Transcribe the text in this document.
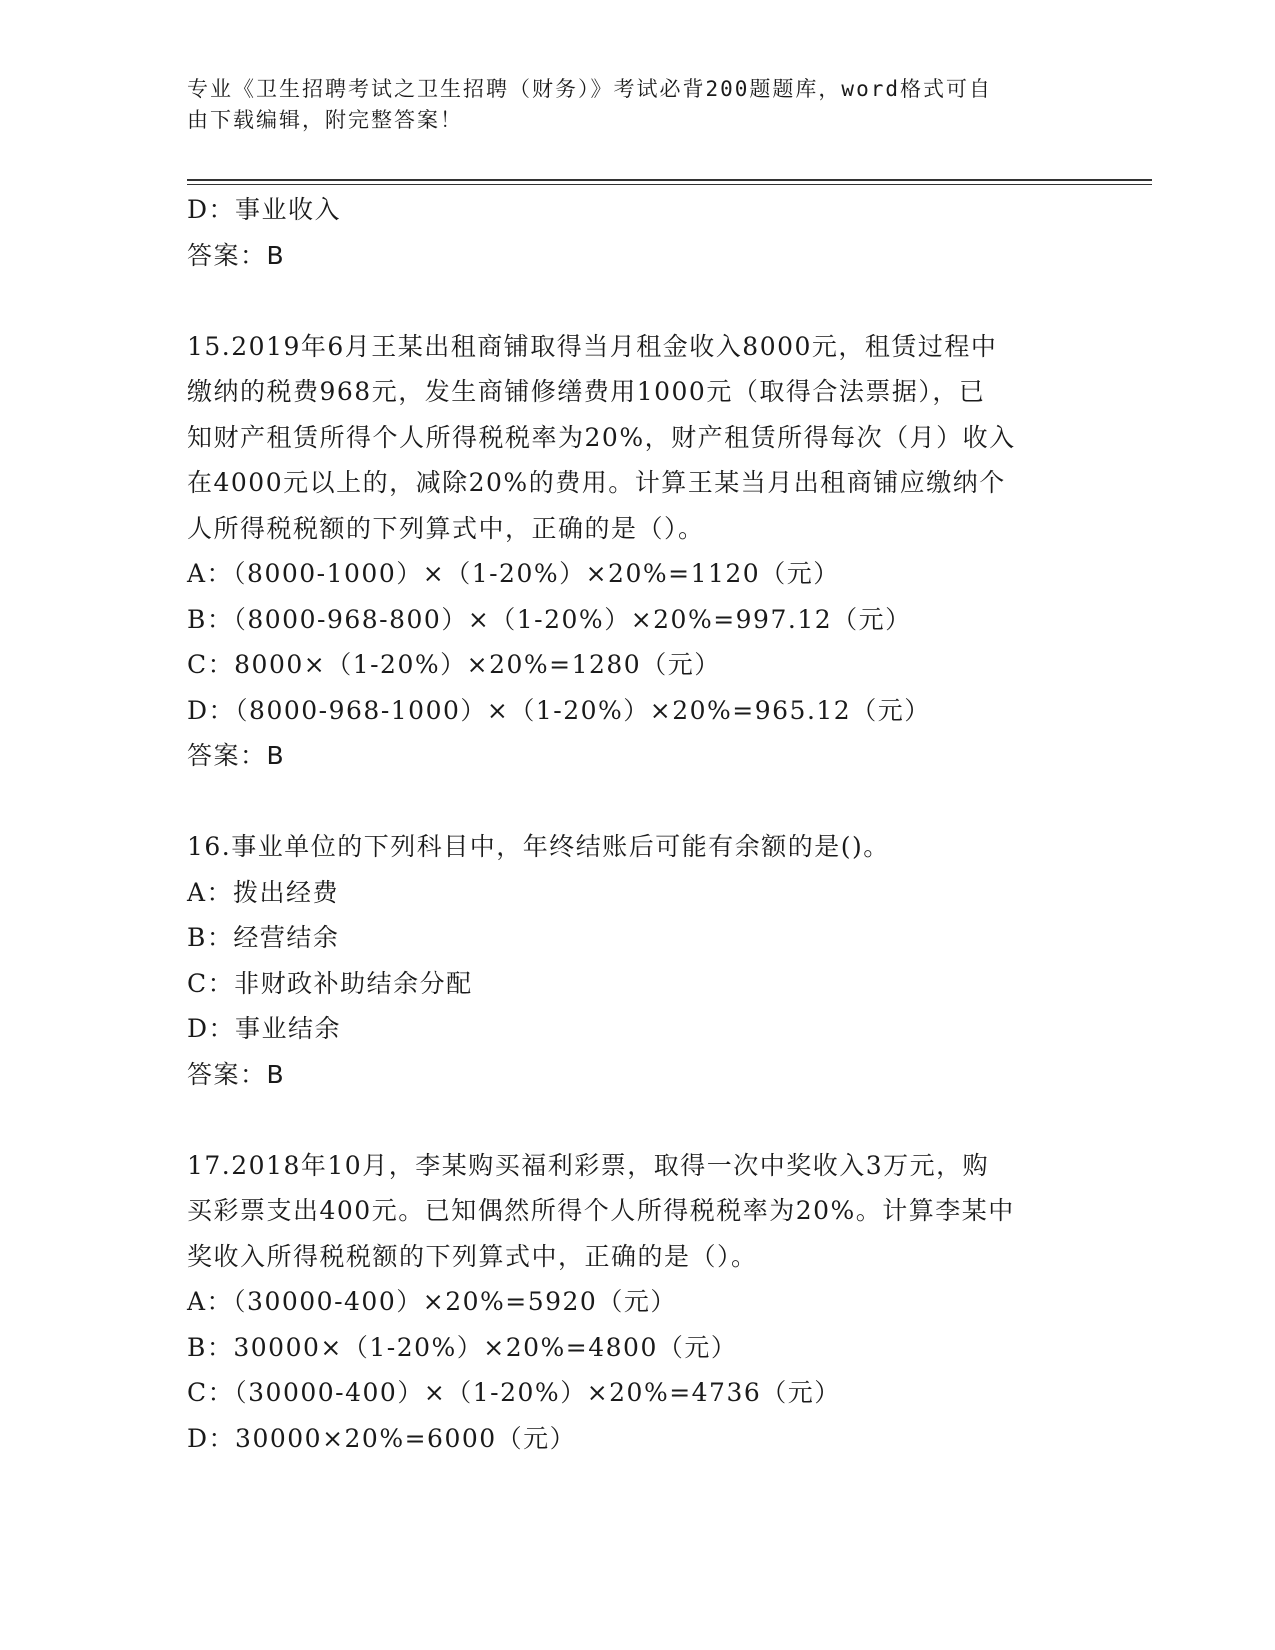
专业《卫生招聘考试之卫生招聘（财务）》考试必背200题题库，word格式可自
由下载编辑，附完整答案！
D：事业收入
答案：B
15.2019年6月王某出租商铺取得当月租金收入8000元，租赁过程中
缴纳的税费968元，发生商铺修缮费用1000元（取得合法票据），已
知财产租赁所得个人所得税税率为20%，财产租赁所得每次（月）收入
在4000元以上的，减除20%的费用。计算王某当月出租商铺应缴纳个
人所得税税额的下列算式中，正确的是（）。
A：（8000-1000）×（1-20%）×20%=1120（元）
B：（8000-968-800）×（1-20%）×20%=997.12（元）
C：8000×（1-20%）×20%=1280（元）
D：（8000-968-1000）×（1-20%）×20%=965.12（元）
答案：B
16.事业单位的下列科目中，年终结账后可能有余额的是()。
A：拨出经费
B：经营结余
C：非财政补助结余分配
D：事业结余
答案：B
17.2018年10月，李某购买福利彩票，取得一次中奖收入3万元，购
买彩票支出400元。已知偶然所得个人所得税税率为20%。计算李某中
奖收入所得税税额的下列算式中，正确的是（）。
A：（30000-400）×20%=5920（元）
B：30000×（1-20%）×20%=4800（元）
C：（30000-400）×（1-20%）×20%=4736（元）
D：30000×20%=6000（元）
